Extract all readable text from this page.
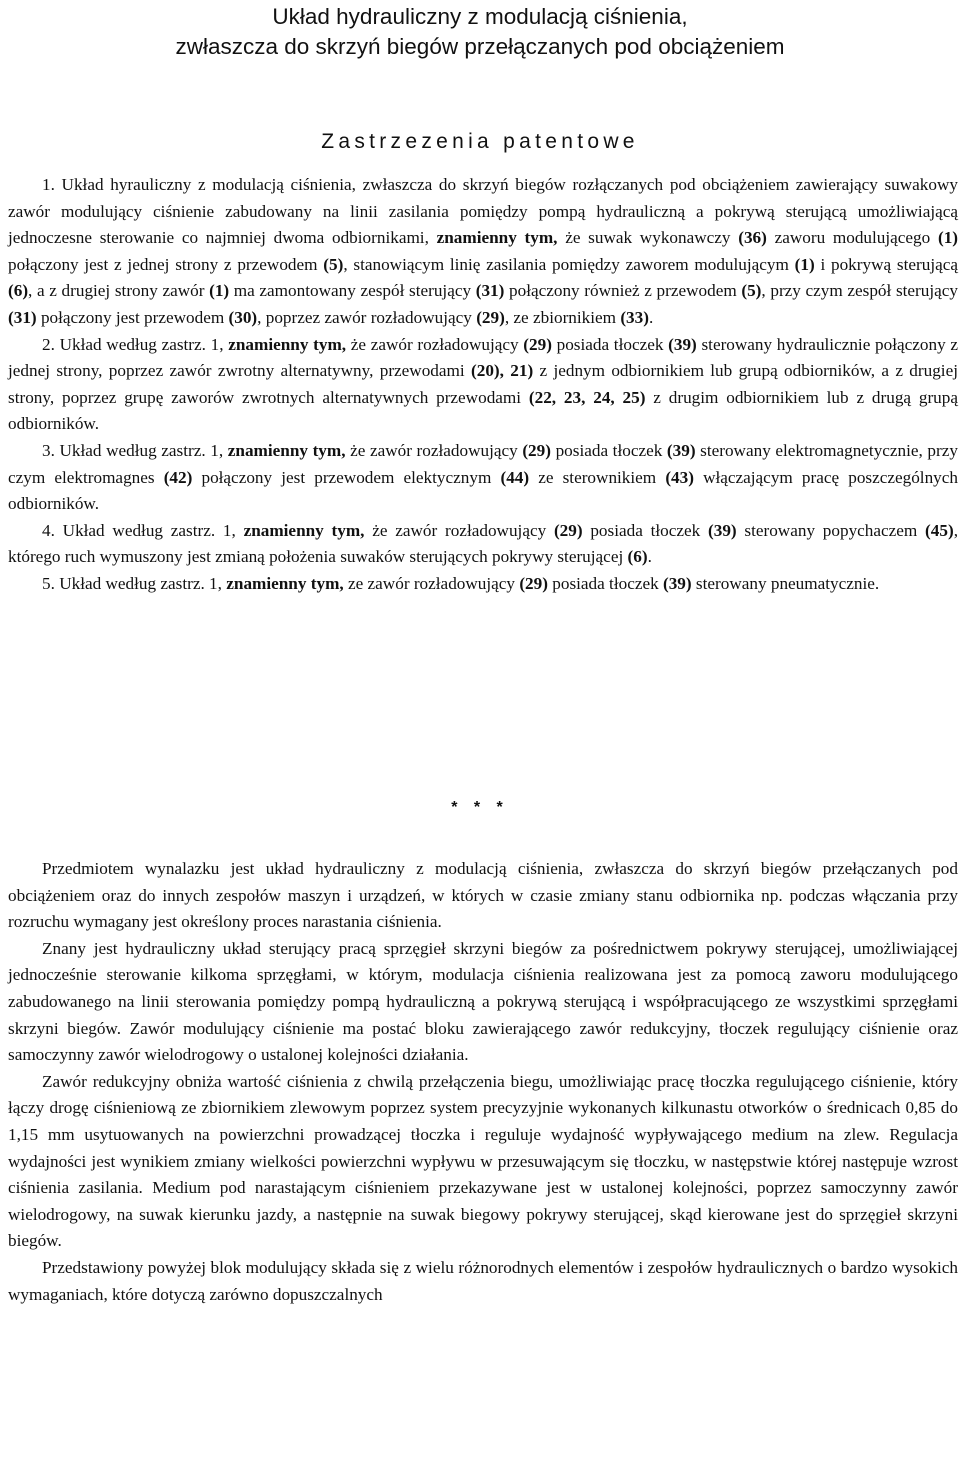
Układ hydrauliczny z modulacją ciśnienia,
zwłaszcza do skrzyń biegów przełączanych pod obciążeniem
Zastrzezenia patentowe

1. Układ hyrauliczny z modulacją ciśnienia, zwłaszcza do skrzyń biegów rozłączanych pod obciążeniem zawierający suwakowy zawór modulujący ciśnienie zabudowany na linii zasilania pomiędzy pompą hydrauliczną a pokrywą sterującą umożliwiającą jednoczesne sterowanie co najmniej dwoma odbiornikami, znamienny tym, że suwak wykonawczy (36) zaworu modulującego (1) połączony jest z jednej strony z przewodem (5), stanowiącym linię zasilania pomiędzy zaworem modulującym (1) i pokrywą sterującą (6), a z drugiej strony zawór (1) ma zamontowany zespół sterujący (31) połączony również z przewodem (5), przy czym zespół sterujący (31) połączony jest przewodem (30), poprzez zawór rozładowujący (29), ze zbiornikiem (33).

2. Układ według zastrz. 1, znamienny tym, że zawór rozładowujący (29) posiada tłoczek (39) sterowany hydraulicznie połączony z jednej strony, poprzez zawór zwrotny alternatywny, przewodami (20), 21) z jednym odbiornikiem lub grupą odbiorników, a z drugiej strony, poprzez grupę zaworów zwrotnych alternatywnych przewodami (22, 23, 24, 25) z drugim odbiornikiem lub z drugą grupą odbiorników.

3. Układ według zastrz. 1, znamienny tym, że zawór rozładowujący (29) posiada tłoczek (39) sterowany elektromagnetycznie, przy czym elektromagnes (42) połączony jest przewodem elektycznym (44) ze sterownikiem (43) włączającym pracę poszczególnych odbiorników.

4. Układ według zastrz. 1, znamienny tym, że zawór rozładowujący (29) posiada tłoczek (39) sterowany popychaczem (45), którego ruch wymuszony jest zmianą położenia suwaków sterujących pokrywy sterującej (6).

5. Układ według zastrz. 1, znamienny tym, ze zawór rozładowujący (29) posiada tłoczek (39) sterowany pneumatycznie.

* * *

Przedmiotem wynalazku jest układ hydrauliczny z modulacją ciśnienia, zwłaszcza do skrzyń biegów przełączanych pod obciążeniem oraz do innych zespołów maszyn i urządzeń, w których w czasie zmiany stanu odbiornika np. podczas włączania przy rozruchu wymagany jest określony proces narastania ciśnienia.

Znany jest hydrauliczny układ sterujący pracą sprzęgieł skrzyni biegów za pośrednictwem pokrywy sterującej, umożliwiającej jednocześnie sterowanie kilkoma sprzęgłami, w którym, modulacja ciśnienia realizowana jest za pomocą zaworu modulującego zabudowanego na linii sterowania pomiędzy pompą hydrauliczną a pokrywą sterującą i współpracującego ze wszystkimi sprzęgłami skrzyni biegów. Zawór modulujący ciśnienie ma postać bloku zawierającego zawór redukcyjny, tłoczek regulujący ciśnienie oraz samoczynny zawór wielodrogowy o ustalonej kolejności działania.

Zawór redukcyjny obniża wartość ciśnienia z chwilą przełączenia biegu, umożliwiając pracę tłoczka regulującego ciśnienie, który łączy drogę ciśnieniową ze zbiornikiem zlewowym poprzez system precyzyjnie wykonanych kilkunastu otworków o średnicach 0,85 do 1,15 mm usytuowanych na powierzchni prowadzącej tłoczka i reguluje wydajność wypływającego medium na zlew. Regulacja wydajności jest wynikiem zmiany wielkości powierzchni wypływu w przesuwającym się tłoczku, w następstwie której następuje wzrost ciśnienia zasilania. Medium pod narastającym ciśnieniem przekazywane jest w ustalonej kolejności, poprzez samoczynny zawór wielodrogowy, na suwak kierunku jazdy, a następnie na suwak biegowy pokrywy sterującej, skąd kierowane jest do sprzęgieł skrzyni biegów.

Przedstawiony powyżej blok modulujący składa się z wielu różnorodnych elementów i zespołów hydraulicznych o bardzo wysokich wymaganiach, które dotyczą zarówno dopuszczalnych
